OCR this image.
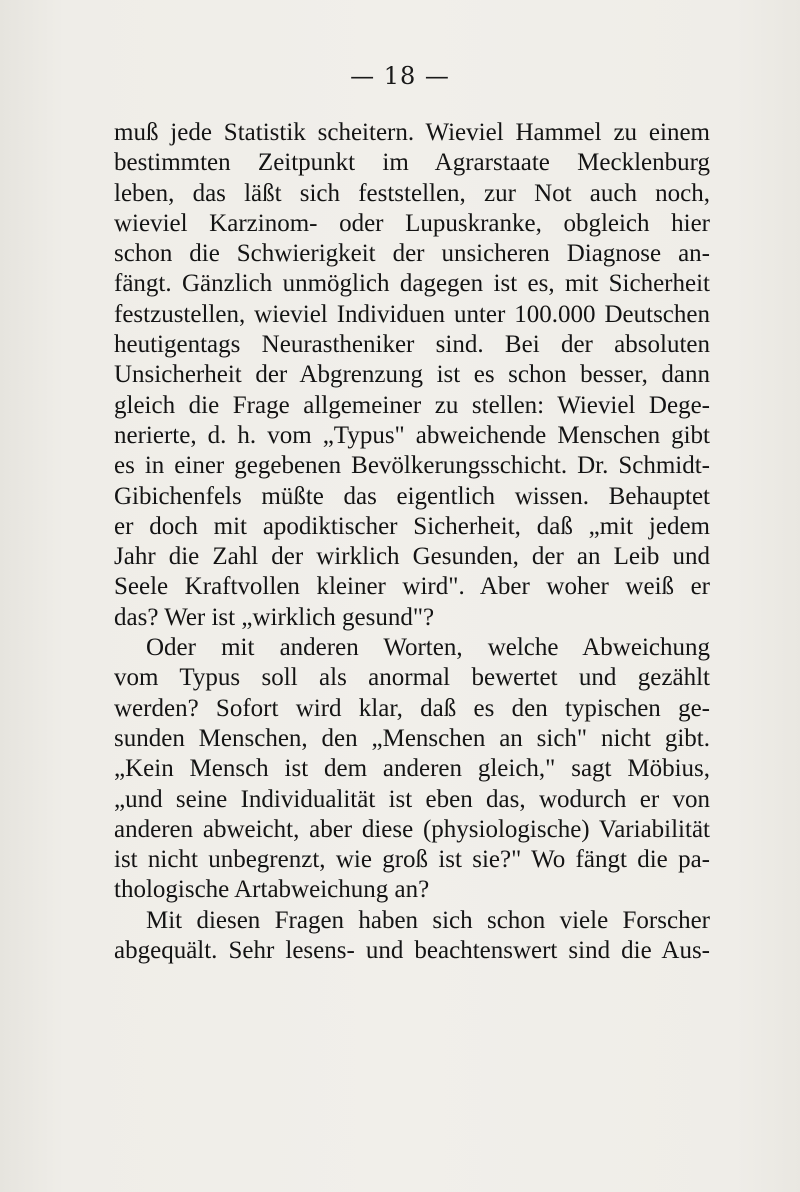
— 18 —
muß jede Statistik scheitern. Wieviel Hammel zu einem
bestimmten Zeitpunkt im Agrarstaate Mecklenburg
leben, das läßt sich feststellen, zur Not auch noch,
wieviel Karzinom- oder Lupuskranke, obgleich hier
schon die Schwierigkeit der unsicheren Diagnose an-
fängt. Gänzlich unmöglich dagegen ist es, mit Sicherheit
festzustellen, wieviel Individuen unter 100.000 Deutschen
heutigentags Neurastheniker sind. Bei der absoluten
Unsicherheit der Abgrenzung ist es schon besser, dann
gleich die Frage allgemeiner zu stellen: Wieviel Dege-
nerierte, d. h. vom „Typus" abweichende Menschen gibt
es in einer gegebenen Bevölkerungsschicht. Dr. Schmidt-
Gibichenfels müßte das eigentlich wissen. Behauptet
er doch mit apodiktischer Sicherheit, daß „mit jedem
Jahr die Zahl der wirklich Gesunden, der an Leib und
Seele Kraftvollen kleiner wird". Aber woher weiß er
das? Wer ist „wirklich gesund"?
Oder mit anderen Worten, welche Abweichung
vom Typus soll als anormal bewertet und gezählt
werden? Sofort wird klar, daß es den typischen ge-
sunden Menschen, den „Menschen an sich" nicht gibt.
„Kein Mensch ist dem anderen gleich," sagt Möbius,
„und seine Individualität ist eben das, wodurch er von
anderen abweicht, aber diese (physiologische) Variabilität
ist nicht unbegrenzt, wie groß ist sie?" Wo fängt die pa-
thologische Artabweichung an?
Mit diesen Fragen haben sich schon viele Forscher
abgequält. Sehr lesens- und beachtenswert sind die Aus-
